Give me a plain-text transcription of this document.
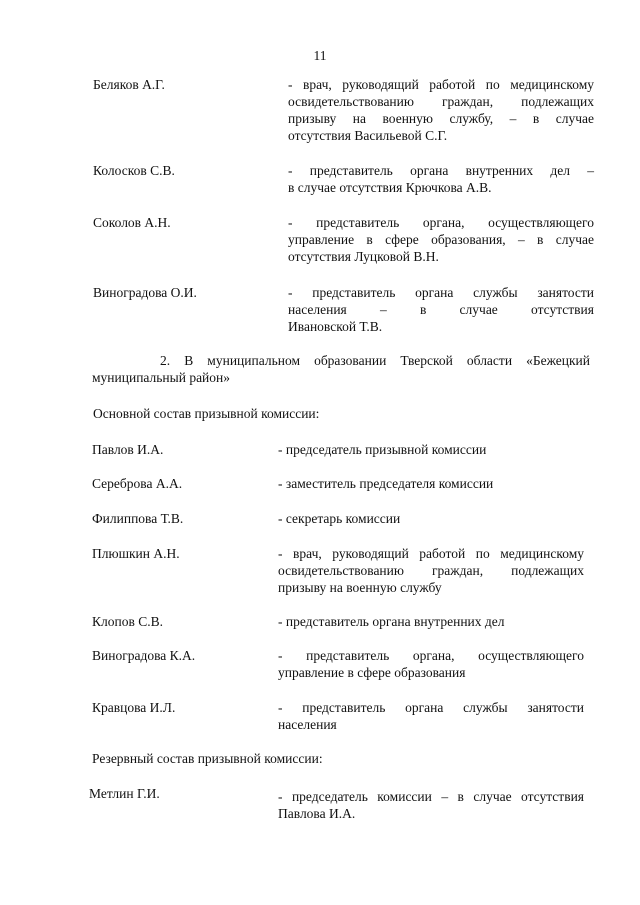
11
Беляков А.Г.	- врач, руководящий работой по медицинскому
освидетельствованию граждан, подлежащих
призыву на военную службу, – в случае
отсутствия Васильевой С.Г.
Колосков С.В.	- представитель органа внутренних дел –
в случае отсутствия Крючкова А.В.
Соколов А.Н.	- представитель органа, осуществляющего
управление в сфере образования, – в случае
отсутствия Луцковой В.Н.
Виноградова О.И.	- представитель органа службы занятости
населения – в случае отсутствия
Ивановской Т.В.
2. В муниципальном образовании Тверской области «Бежецкий
муниципальный район»
Основной состав призывной комиссии:
Павлов И.А.	- председатель призывной комиссии
Сереброва А.А.	- заместитель председателя комиссии
Филиппова Т.В.	- секретарь комиссии
Плюшкин А.Н.	- врач, руководящий работой по медицинскому
освидетельствованию граждан, подлежащих
призыву на военную службу
Клопов С.В.	- представитель органа внутренних дел
Виноградова К.А.	- представитель органа, осуществляющего
управление в сфере образования
Кравцова И.Л.	- представитель органа службы занятости
населения
Резервный состав призывной комиссии:
Метлин Г.И.	- председатель комиссии – в случае отсутствия
Павлова И.А.
